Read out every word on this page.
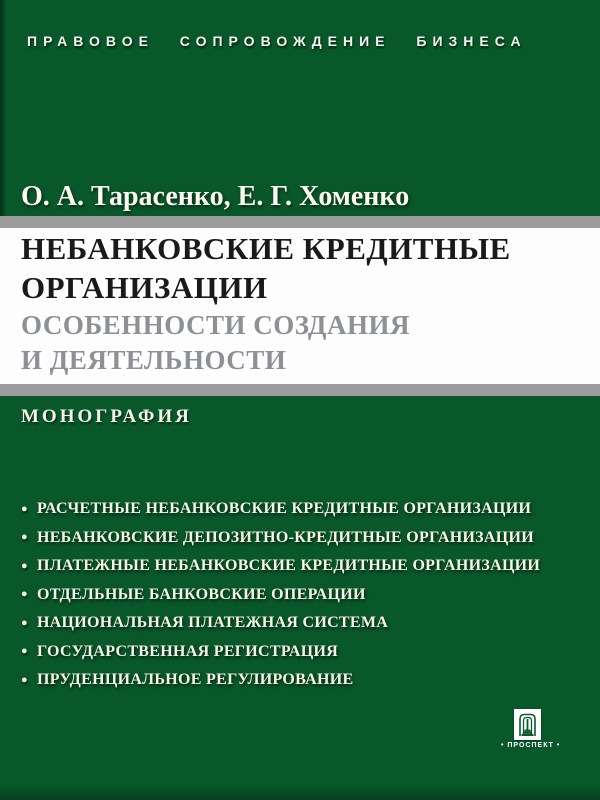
ПРАВОВОЕ СОПРОВОЖДЕНИЕ БИЗНЕСА
О. А. Тарасенко, Е. Г. Хоменко
НЕБАНКОВСКИЕ КРЕДИТНЫЕ
ОРГАНИЗАЦИИ
ОСОБЕННОСТИ СОЗДАНИЯ
И ДЕЯТЕЛЬНОСТИ
МОНОГРАФИЯ
● РАСЧЕТНЫЕ НЕБАНКОВСКИЕ КРЕДИТНЫЕ ОРГАНИЗАЦИИ
● НЕБАНКОВСКИЕ ДЕПОЗИТНО-КРЕДИТНЫЕ ОРГАНИЗАЦИИ
● ПЛАТЕЖНЫЕ НЕБАНКОВСКИЕ КРЕДИТНЫЕ ОРГАНИЗАЦИИ
● ОТДЕЛЬНЫЕ БАНКОВСКИЕ ОПЕРАЦИИ
● НАЦИОНАЛЬНАЯ ПЛАТЕЖНАЯ СИСТЕМА
● ГОСУДАРСТВЕННАЯ РЕГИСТРАЦИЯ
● ПРУДЕНЦИАЛЬНОЕ РЕГУЛИРОВАНИЕ
• ПРОСПЕКТ •
